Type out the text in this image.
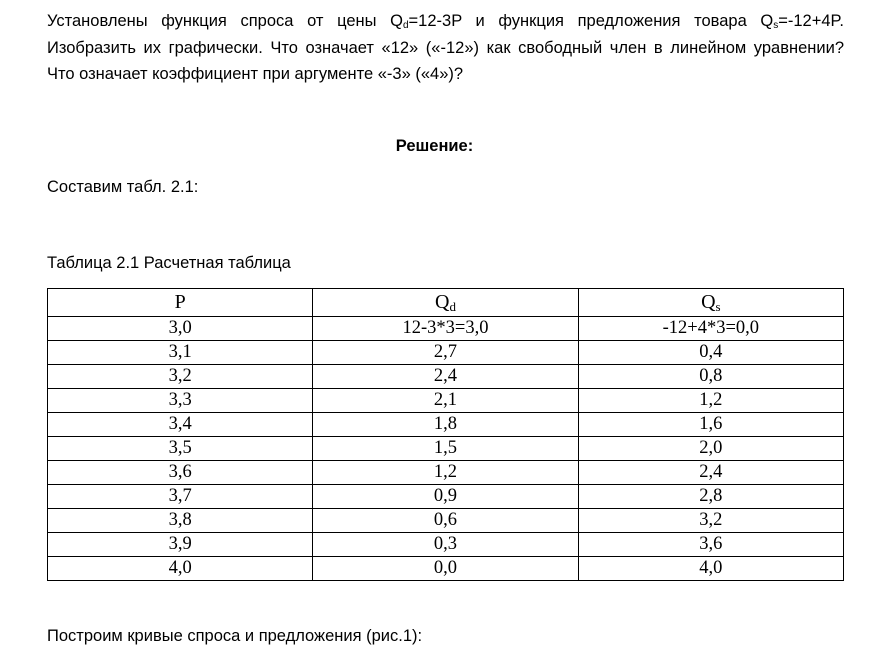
Установлены функция спроса от цены $Q_d=12-3P$ и функция предложения товара $Q_s=-12+4P$.
Изобразить их графически. Что означает «12» («-12») как свободный член в линейном уравнении?
Что означает коэффициент при аргументе «-3» («4»)?
Решение:
Составим табл. 2.1:
Таблица 2.1 Расчетная таблица
P	$Q_d$	$Q_s$
3,0	12-3*3=3,0	-12+4*3=0,0
3,1	2,7	0,4
3,2	2,4	0,8
3,3	2,1	1,2
3,4	1,8	1,6
3,5	1,5	2,0
3,6	1,2	2,4
3,7	0,9	2,8
3,8	0,6	3,2
3,9	0,3	3,6
4,0	0,0	4,0
Построим кривые спроса и предложения (рис.1):
